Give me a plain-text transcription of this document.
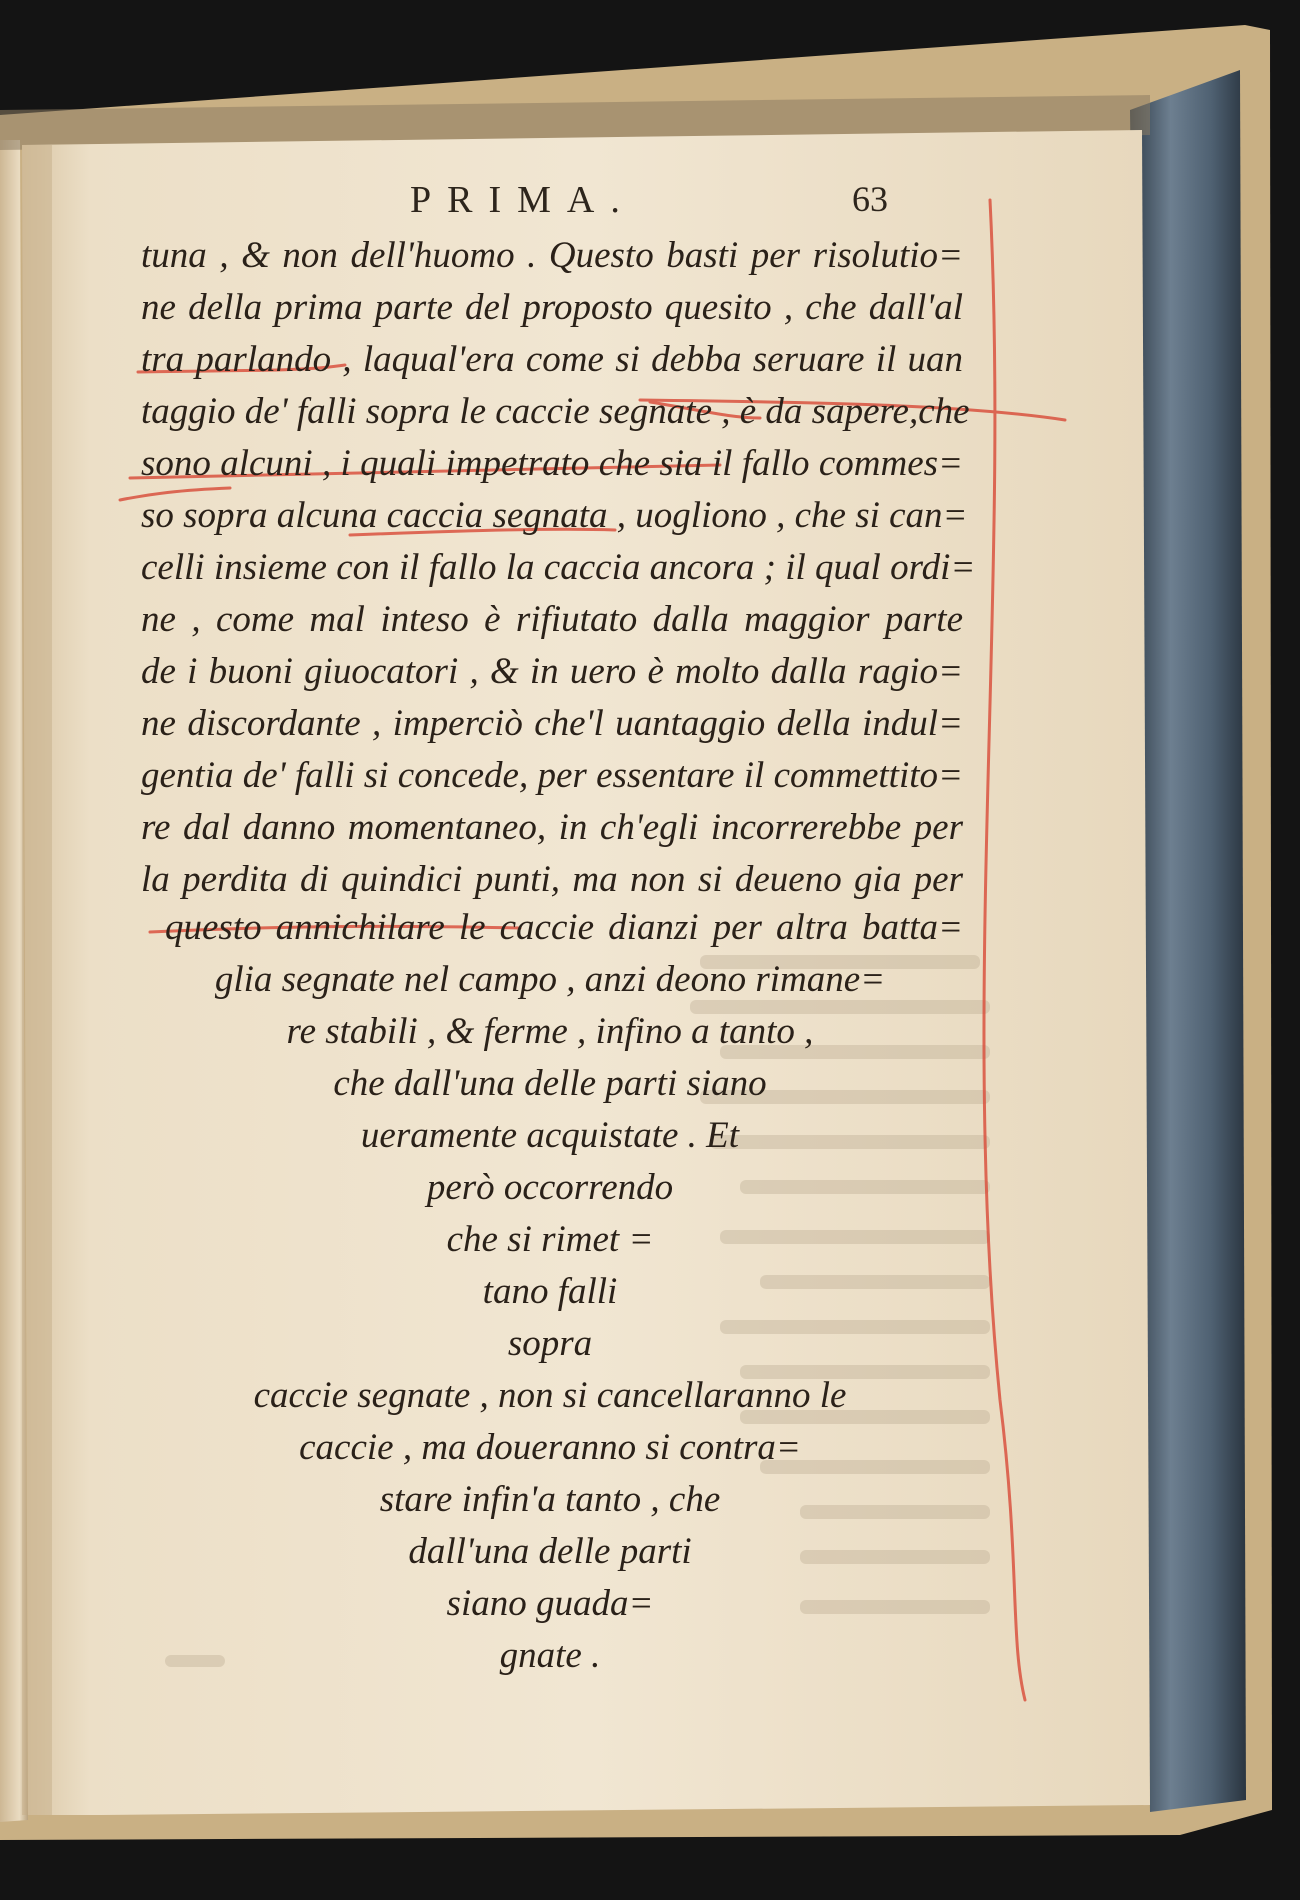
PRIMA.	63
tuna , & non dell'huomo . Questo basti per risolutio=
ne della prima parte del proposto quesito , che dall'al
tra parlando , laqual'era come si debba seruare il uan
taggio de' falli sopra le caccie segnate , è da sapere,che
sono alcuni , i quali impetrato che sia il fallo commes=
so sopra alcuna caccia segnata , uogliono , che si can=
celli insieme con il fallo la caccia ancora ; il qual ordi=
ne , come mal inteso è rifiutato dalla maggior parte
de i buoni giuocatori , & in uero è molto dalla ragio=
ne discordante , imperciò che'l uantaggio della indul=
gentia de' falli si concede, per essentare il commettito=
re dal danno momentaneo, in ch'egli incorrerebbe per
la perdita di quindici punti, ma non si deueno gia per
questo annichilare le caccie dianzi per altra batta=
glia segnate nel campo , anzi deono rimane=
re stabili , & ferme , infino a tanto ,
che dall'una delle parti siano
ueramente acquistate . Et
però occorrendo
che si rimet =
tano falli
sopra
caccie segnate , non si cancellaranno le
caccie , ma doueranno si contra=
stare infin'a tanto , che
dall'una delle parti
siano guada=
gnate .
